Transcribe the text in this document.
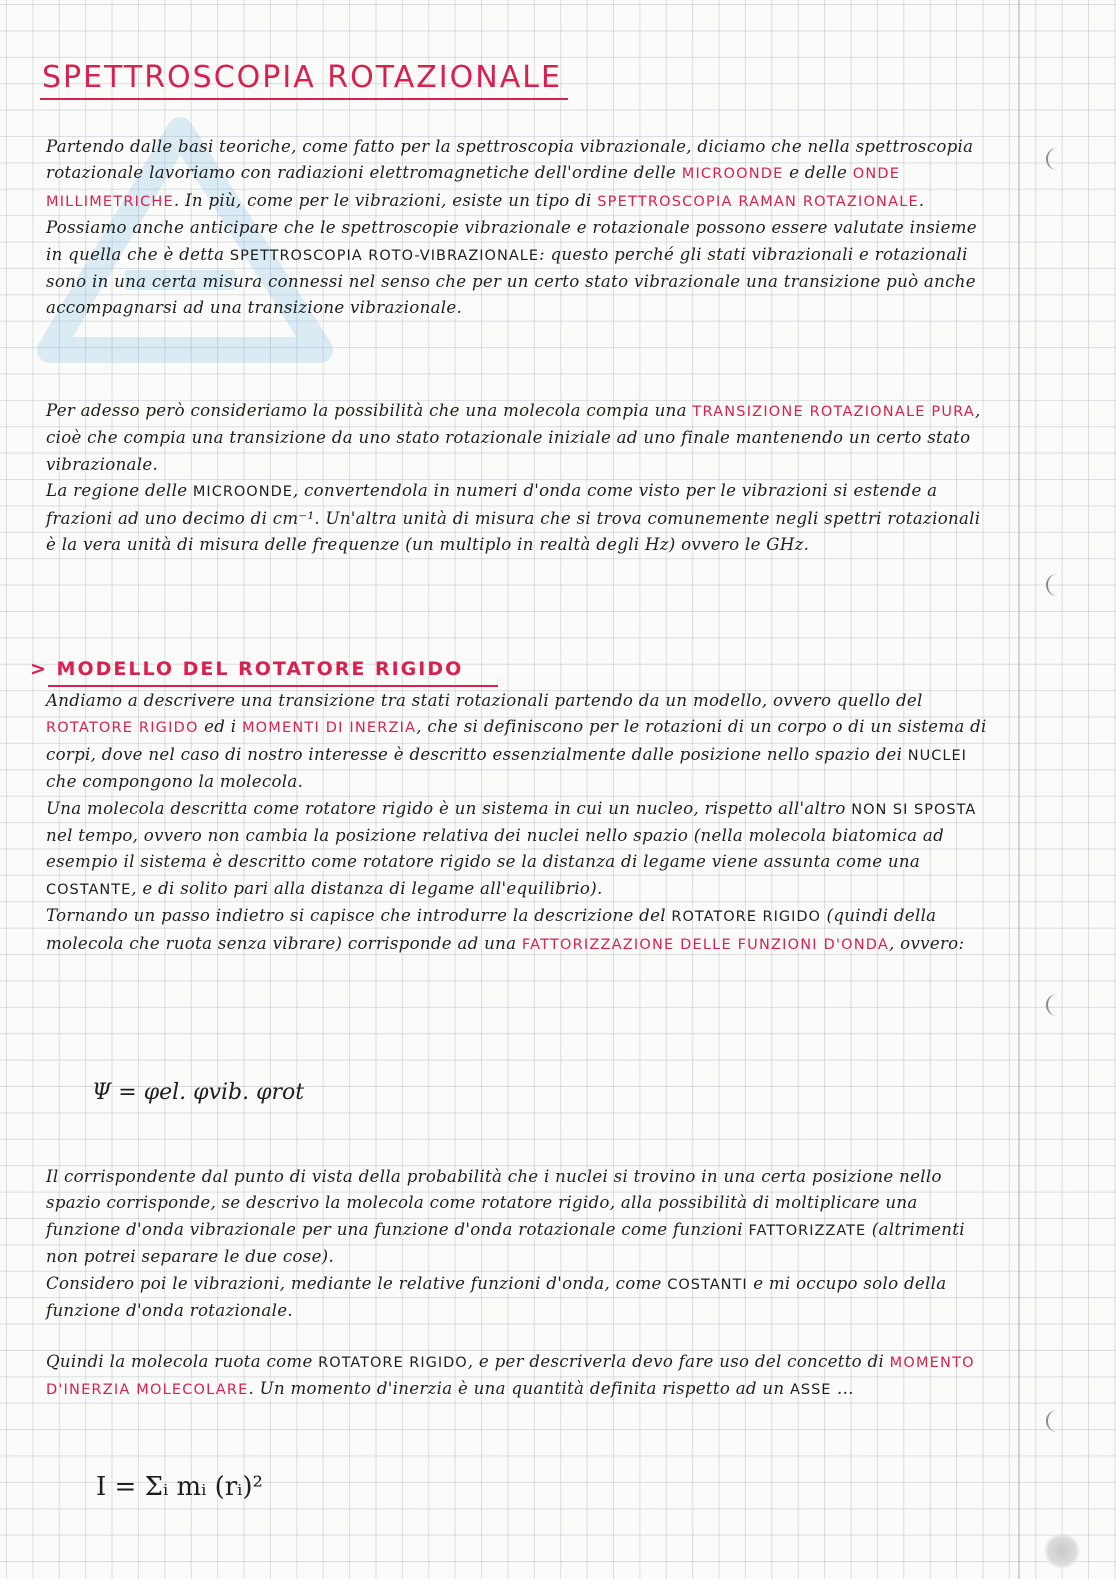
SPETTROSCOPIA ROTAZIONALE

Partendo dalle basi teoriche, come fatto per la spettroscopia vibrazionale, diciamo che nella spettroscopia rotazionale lavoriamo con radiazioni elettromagnetiche dell'ordine delle MICROONDE e delle ONDE MILLIMETRICHE. In più, come per le vibrazioni, esiste un tipo di SPETTROSCOPIA RAMAN ROTAZIONALE.
Possiamo anche anticipare che le spettroscopie vibrazionale e rotazionale possono essere valutate insieme in quella che è detta SPETTROSCOPIA ROTO-VIBRAZIONALE: questo perché gli stati vibrazionali e rotazionali sono in una certa misura connessi nel senso che per un certo stato vibrazionale una transizione può anche accompagnarsi ad una transizione vibrazionale.

Per adesso però consideriamo la possibilità che una molecola compia una TRANSIZIONE ROTAZIONALE PURA, cioè che compia una transizione da uno stato rotazionale iniziale ad uno finale mantenendo un certo stato vibrazionale.
La regione delle MICROONDE, convertendola in numeri d'onda come visto per le vibrazioni si estende a frazioni ad uno decimo di cm⁻¹. Un'altra unità di misura che si trova comunemente negli spettri rotazionali è la vera unità di misura delle frequenze (un multiplo in realtà degli Hz) ovvero le GHz.

> MODELLO DEL ROTATORE RIGIDO

Andiamo a descrivere una transizione tra stati rotazionali partendo da un modello, ovvero quello del ROTATORE RIGIDO ed i MOMENTI DI INERZIA, che si definiscono per le rotazioni di un corpo o di un sistema di corpi, dove nel caso di nostro interesse è descritto essenzialmente dalle posizione nello spazio dei NUCLEI che compongono la molecola.
Una molecola descritta come rotatore rigido è un sistema in cui un nucleo, rispetto all'altro NON SI SPOSTA nel tempo, ovvero non cambia la posizione relativa dei nuclei nello spazio (nella molecola biatomica ad esempio il sistema è descritto come rotatore rigido se la distanza di legame viene assunta come una COSTANTE, e di solito pari alla distanza di legame all'equilibrio).
Tornando un passo indietro si capisce che introdurre la descrizione del ROTATORE RIGIDO (quindi della molecola che ruota senza vibrare) corrisponde ad una FATTORIZZAZIONE DELLE FUNZIONI D'ONDA, ovvero:

Ψ = φel. φvib. φrot

Il corrispondente dal punto di vista della probabilità che i nuclei si trovino in una certa posizione nello spazio corrisponde, se descrivo la molecola come rotatore rigido, alla possibilità di moltiplicare una funzione d'onda vibrazionale per una funzione d'onda rotazionale come funzioni FATTORIZZATE (altrimenti non potrei separare le due cose).
Considero poi le vibrazioni, mediante le relative funzioni d'onda, come COSTANTI e mi occupo solo della funzione d'onda rotazionale.

Quindi la molecola ruota come ROTATORE RIGIDO, e per descriverla devo fare uso del concetto di MOMENTO D'INERZIA MOLECOLARE. Un momento d'inerzia è una quantità definita rispetto ad un ASSE ...

I = Σᵢ mᵢ (rᵢ)²
